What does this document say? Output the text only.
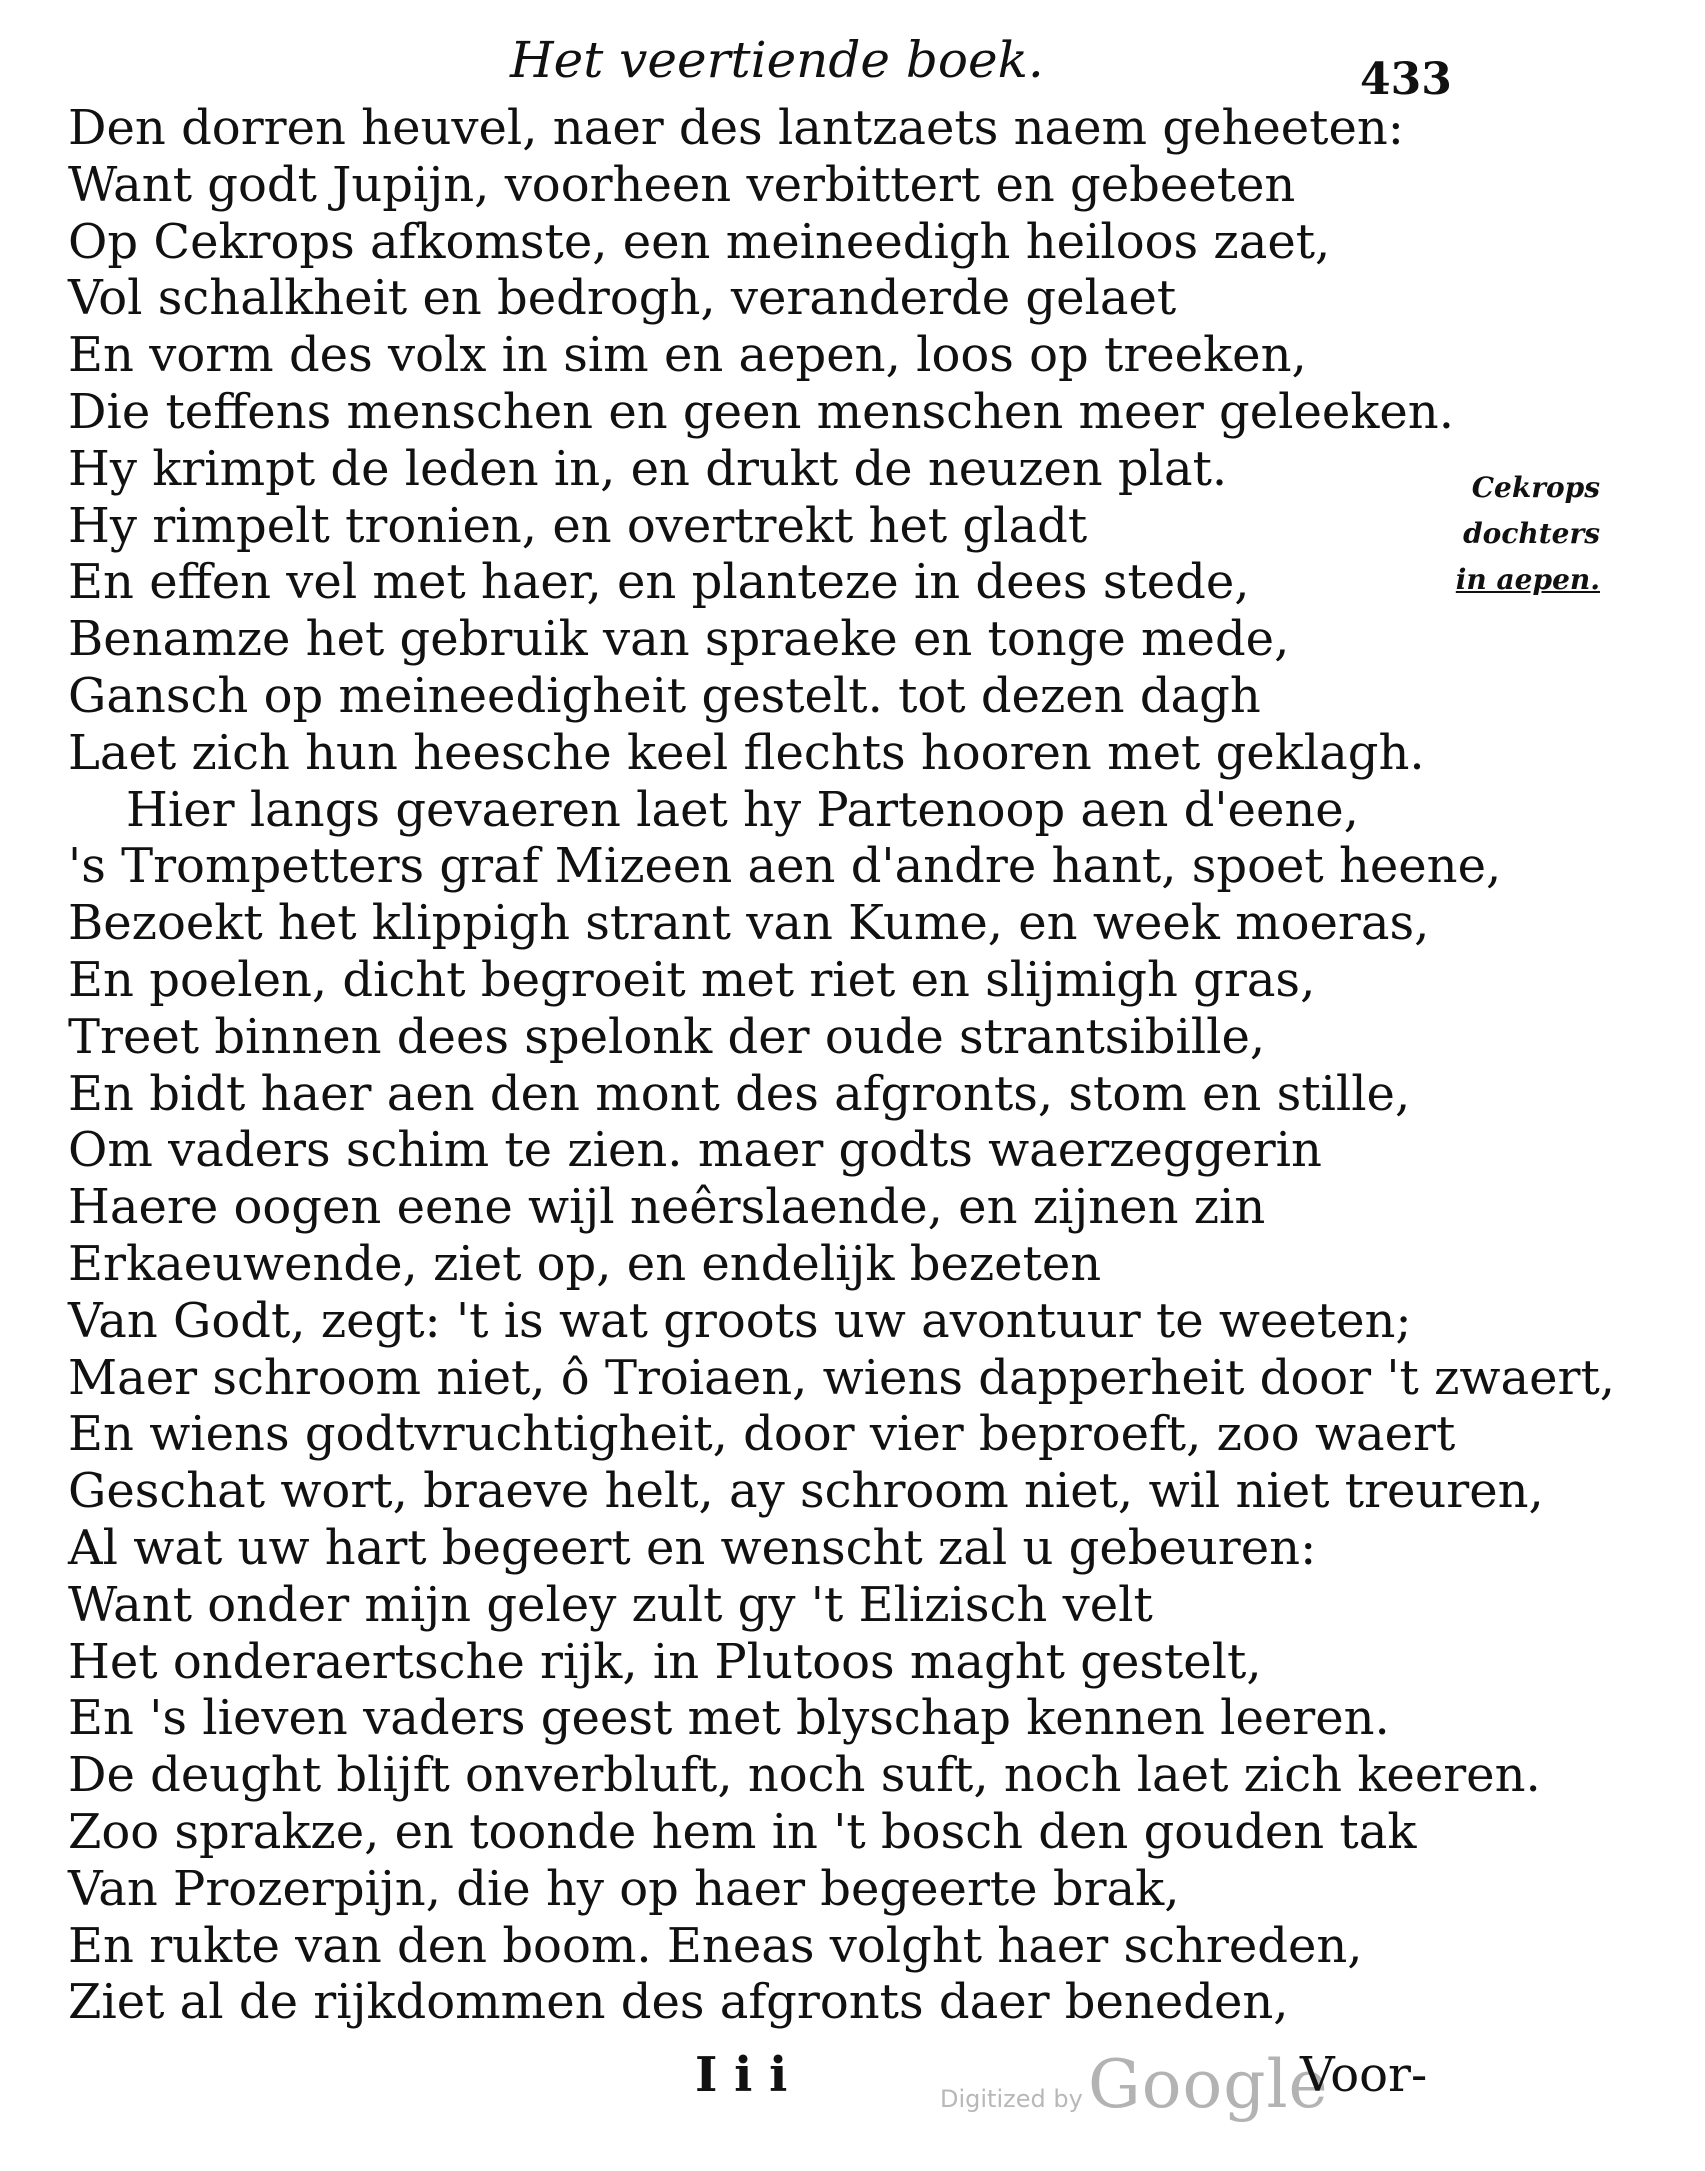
Het veertiende boek.	433
Cekrops
dochters
in aepen.
Den dorren heuvel, naer des lantzaets naem geheeten:
Want godt Jupijn, voorheen verbittert en gebeeten
Op Cekrops afkomste, een meineedigh heiloos zaet,
Vol schalkheit en bedrogh, veranderde gelaet
En vorm des volx in sim en aepen, loos op treeken,
Die teffens menschen en geen menschen meer geleeken.
Hy krimpt de leden in, en drukt de neuzen plat.
Hy rimpelt tronien, en overtrekt het gladt
En effen vel met haer, en planteze in dees stede,
Benamze het gebruik van spraeke en tonge mede,
Gansch op meineedigheit gestelt. tot dezen dagh
Laet zich hun heesche keel flechts hooren met geklagh.
Hier langs gevaeren laet hy Partenoop aen d'eene,
's Trompetters graf Mizeen aen d'andre hant, spoet heene,
Bezoekt het klippigh strant van Kume, en week moeras,
En poelen, dicht begroeit met riet en slijmigh gras,
Treet binnen dees spelonk der oude strantsibille,
En bidt haer aen den mont des afgronts, stom en stille,
Om vaders schim te zien. maer godts waerzeggerin
Haere oogen eene wijl neêrslaende, en zijnen zin
Erkaeuwende, ziet op, en endelijk bezeten
Van Godt, zegt: 't is wat groots uw avontuur te weeten;
Maer schroom niet, ô Troiaen, wiens dapperheit door 't zwaert,
En wiens godtvruchtigheit, door vier beproeft, zoo waert
Geschat wort, braeve helt, ay schroom niet, wil niet treuren,
Al wat uw hart begeert en wenscht zal u gebeuren:
Want onder mijn geley zult gy 't Elizisch velt
Het onderaertsche rijk, in Plutoos maght gestelt,
En 's lieven vaders geest met blyschap kennen leeren.
De deught blijft onverbluft, noch suft, noch laet zich keeren.
Zoo sprakze, en toonde hem in 't bosch den gouden tak
Van Prozerpijn, die hy op haer begeerte brak,
En rukte van den boom. Eneas volght haer schreden,
Ziet al de rijkdommen des afgronts daer beneden,
I i i	Digitized by Google
Voor-
